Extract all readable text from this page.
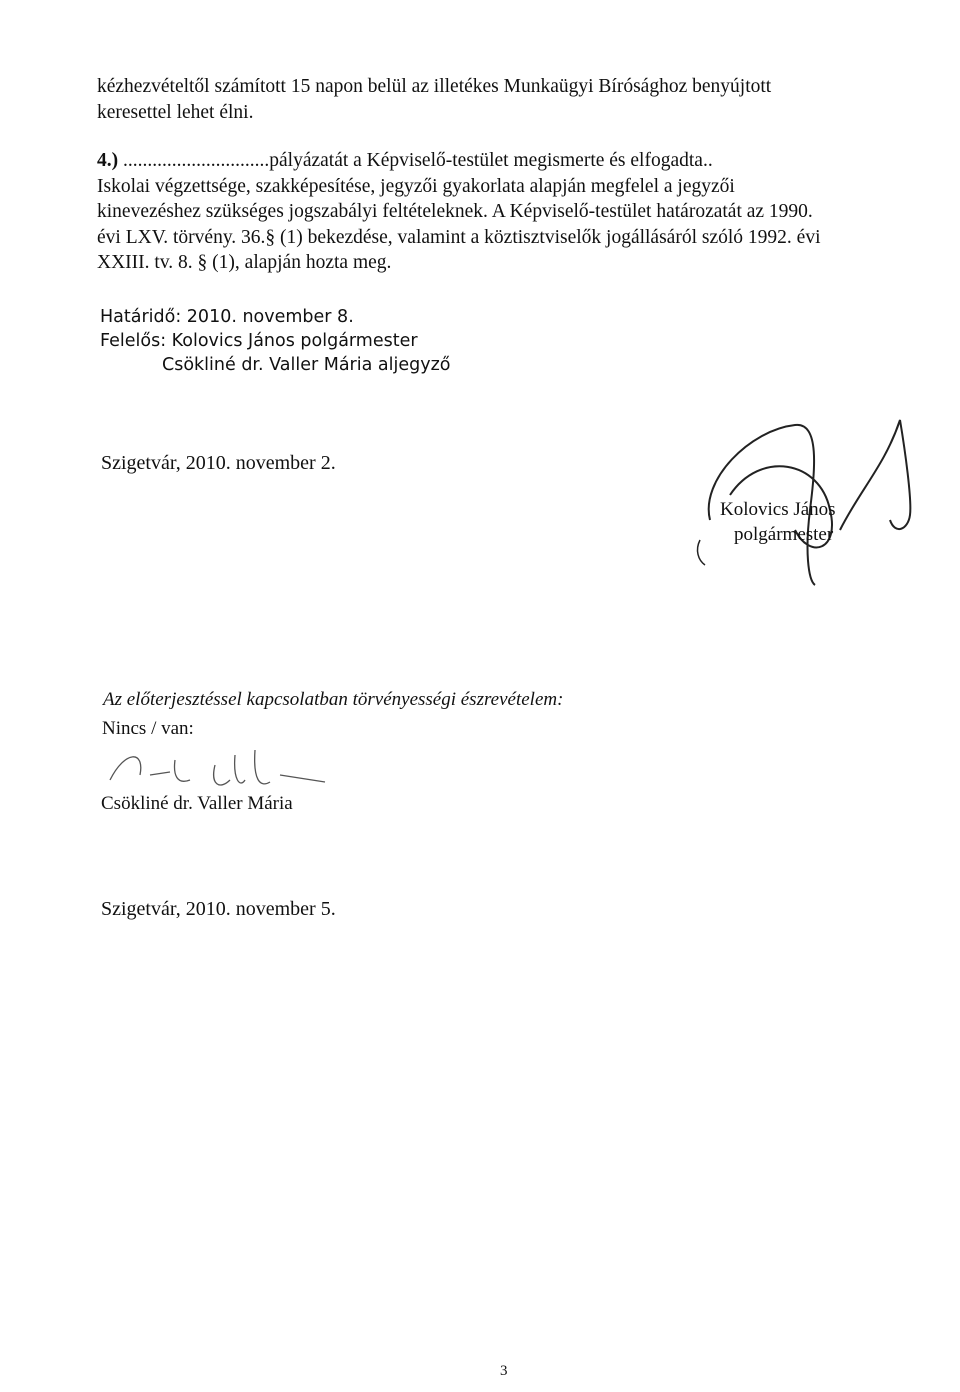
kézhezvételtől számított 15 napon belül az illetékes Munkaügyi Bírósághoz benyújtott
keresettel lehet élni.
4.) ..............................pályázatát a Képviselő-testület megismerte és elfogadta..
Iskolai végzettsége, szakképesítése, jegyzői gyakorlata alapján megfelel a jegyzői
kinevezéshez szükséges jogszabályi feltételeknek. A Képviselő-testület határozatát az 1990.
évi LXV. törvény. 36.§ (1) bekezdése, valamint a köztisztviselők jogállásáról szóló 1992. évi
XXIII. tv. 8. § (1), alapján hozta meg.
Határidő: 2010. november 8.
Felelős: Kolovics János polgármester
Csökliné dr. Valler Mária aljegyző
Szigetvár, 2010. november 2.
Kolovics János
polgármester
Az előterjesztéssel kapcsolatban törvényességi észrevételem:
Nincs / van:
Csökliné dr. Valler Mária
Szigetvár, 2010. november 5.
3
